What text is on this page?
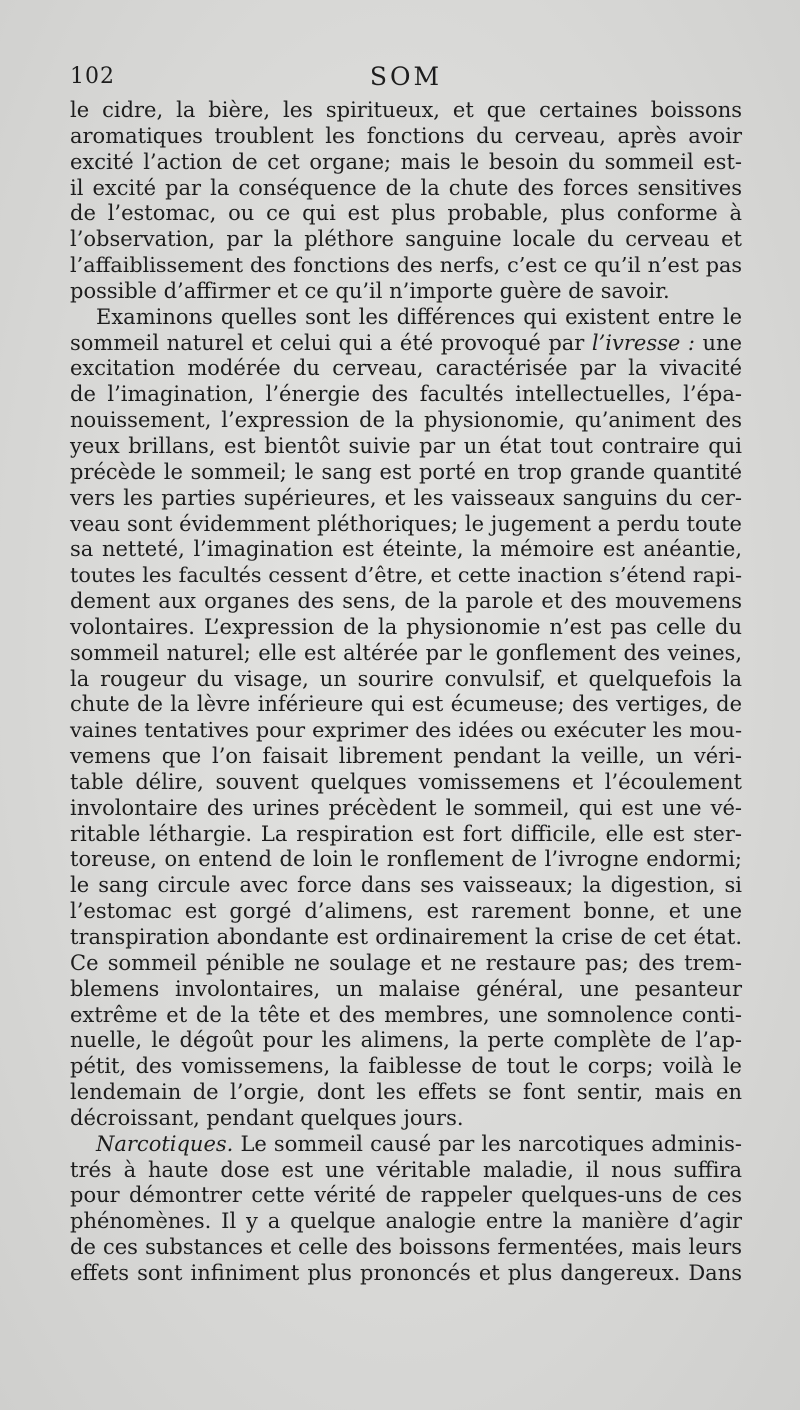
102	SOM
le cidre, la bière, les spiritueux, et que certaines boissons
aromatiques troublent les fonctions du cerveau, après avoir
excité l’action de cet organe; mais le besoin du sommeil est-
il excité par la conséquence de la chute des forces sensitives
de l’estomac, ou ce qui est plus probable, plus conforme à
l’observation, par la pléthore sanguine locale du cerveau et
l’affaiblissement des fonctions des nerfs, c’est ce qu’il n’est pas
possible d’affirmer et ce qu’il n’importe guère de savoir.
Examinons quelles sont les différences qui existent entre le
sommeil naturel et celui qui a été provoqué par l’ivresse : une
excitation modérée du cerveau, caractérisée par la vivacité
de l’imagination, l’énergie des facultés intellectuelles, l’épa-
nouissement, l’expression de la physionomie, qu’animent des
yeux brillans, est bientôt suivie par un état tout contraire qui
précède le sommeil; le sang est porté en trop grande quantité
vers les parties supérieures, et les vaisseaux sanguins du cer-
veau sont évidemment pléthoriques; le jugement a perdu toute
sa netteté, l’imagination est éteinte, la mémoire est anéantie,
toutes les facultés cessent d’être, et cette inaction s’étend rapi-
dement aux organes des sens, de la parole et des mouvemens
volontaires. L’expression de la physionomie n’est pas celle du
sommeil naturel; elle est altérée par le gonflement des veines,
la rougeur du visage, un sourire convulsif, et quelquefois la
chute de la lèvre inférieure qui est écumeuse; des vertiges, de
vaines tentatives pour exprimer des idées ou exécuter les mou-
vemens que l’on faisait librement pendant la veille, un véri-
table délire, souvent quelques vomissemens et l’écoulement
involontaire des urines précèdent le sommeil, qui est une vé-
ritable léthargie. La respiration est fort difficile, elle est ster-
toreuse, on entend de loin le ronflement de l’ivrogne endormi;
le sang circule avec force dans ses vaisseaux; la digestion, si
l’estomac est gorgé d’alimens, est rarement bonne, et une
transpiration abondante est ordinairement la crise de cet état.
Ce sommeil pénible ne soulage et ne restaure pas; des trem-
blemens involontaires, un malaise général, une pesanteur
extrême et de la tête et des membres, une somnolence conti-
nuelle, le dégoût pour les alimens, la perte complète de l’ap-
pétit, des vomissemens, la faiblesse de tout le corps; voilà le
lendemain de l’orgie, dont les effets se font sentir, mais en
décroissant, pendant quelques jours.
Narcotiques. Le sommeil causé par les narcotiques adminis-
trés à haute dose est une véritable maladie, il nous suffira
pour démontrer cette vérité de rappeler quelques-uns de ces
phénomènes. Il y a quelque analogie entre la manière d’agir
de ces substances et celle des boissons fermentées, mais leurs
effets sont infiniment plus prononcés et plus dangereux. Dans
